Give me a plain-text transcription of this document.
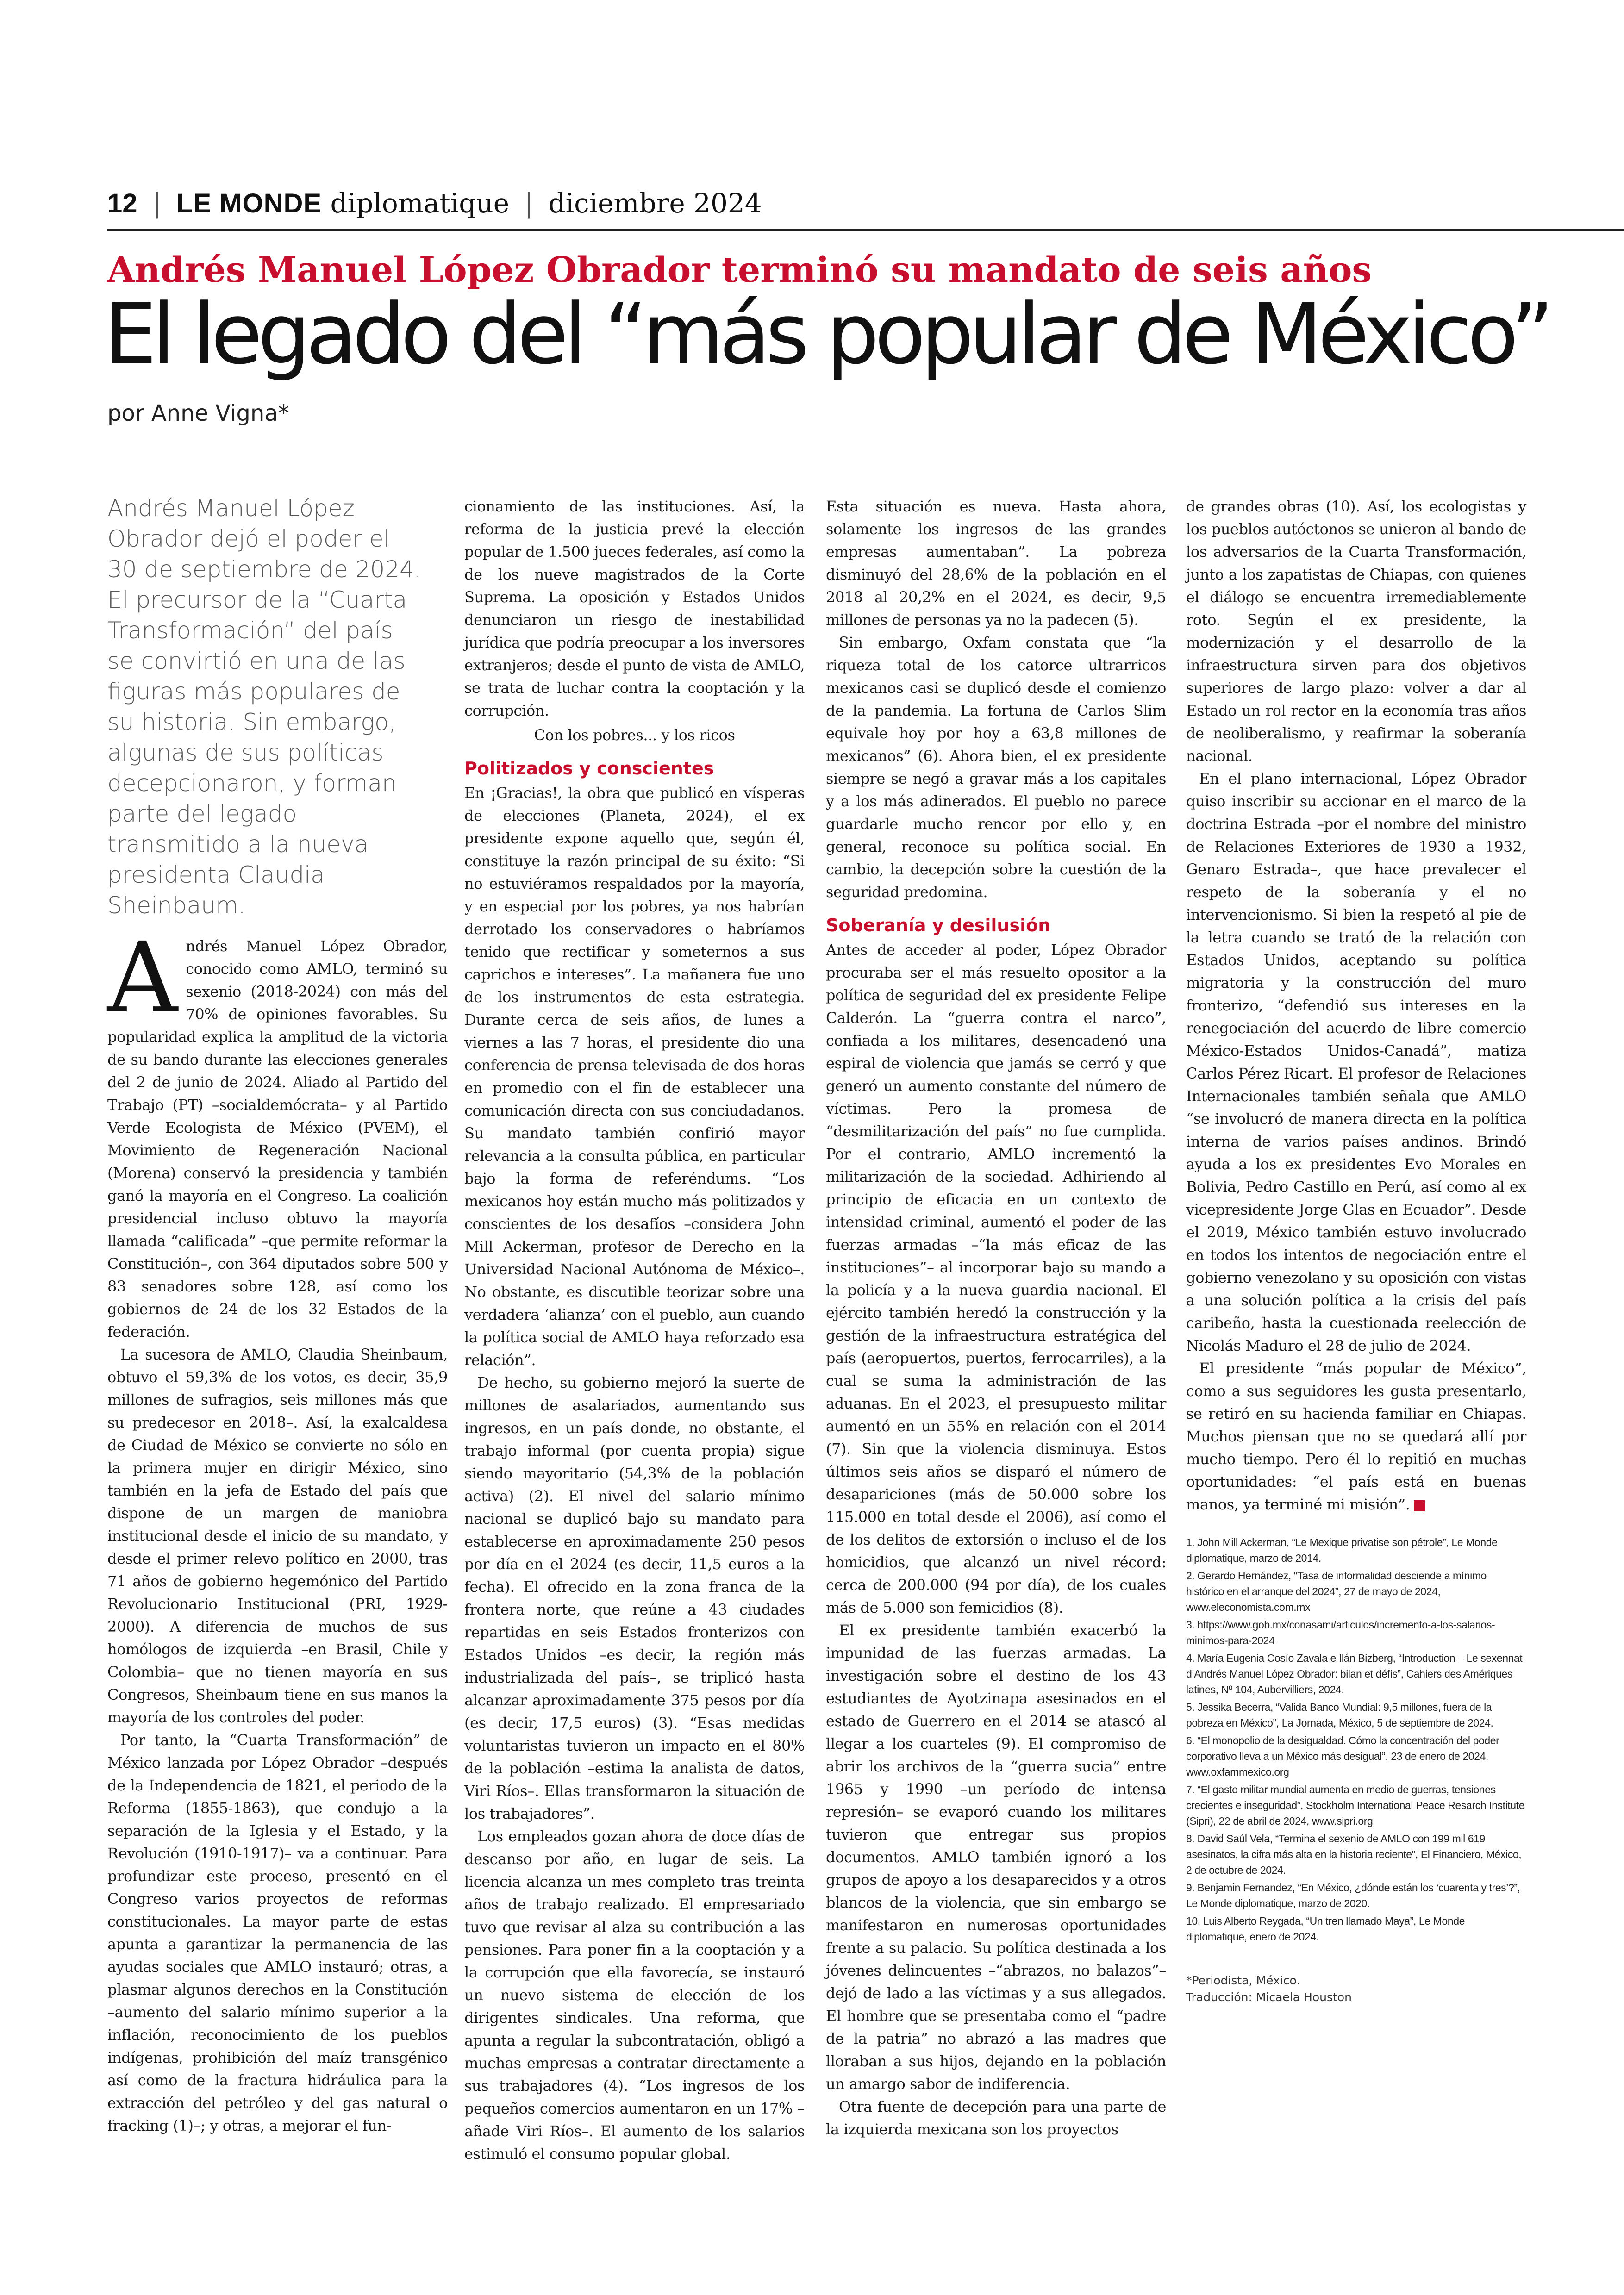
12 | LE MONDE diplomatique | diciembre 2024
Andrés Manuel López Obrador terminó su mandato de seis años
El legado del “más popular de México”
por Anne Vigna*
Andrés Manuel López Obrador dejó el poder el 30 de septiembre de 2024. El precursor de la “Cuarta Transformación” del país se convirtió en una de las figuras más populares de su historia. Sin embargo, algunas de sus políticas decepcionaron, y forman parte del legado transmitido a la nueva presidenta Claudia Sheinbaum.

Andrés Manuel López Obrador, conocido como AMLO, terminó su sexenio (2018-2024) con más del 70% de opiniones favorables. Su popularidad explica la amplitud de la victoria de su bando durante las elecciones generales del 2 de junio de 2024. Aliado al Partido del Trabajo (PT) –socialdemócrata– y al Partido Verde Ecologista de México (PVEM), el Movimiento de Regeneración Nacional (Morena) conservó la presidencia y también ganó la mayoría en el Congreso. La coalición presidencial incluso obtuvo la mayoría llamada “calificada” –que permite reformar la Constitución–, con 364 diputados sobre 500 y 83 senadores sobre 128, así como los gobiernos de 24 de los 32 Estados de la federación.

La sucesora de AMLO, Claudia Sheinbaum, obtuvo el 59,3% de los votos, es decir, 35,9 millones de sufragios, seis millones más que su predecesor en 2018–. Así, la exalcaldesa de Ciudad de México se convierte no sólo en la primera mujer en dirigir México, sino también en la jefa de Estado del país que dispone de un margen de maniobra institucional desde el inicio de su mandato, y desde el primer relevo político en 2000, tras 71 años de gobierno hegemónico del Partido Revolucionario Institucional (PRI, 1929-2000). A diferencia de muchos de sus homólogos de izquierda –en Brasil, Chile y Colombia– que no tienen mayoría en sus Congresos, Sheinbaum tiene en sus manos la mayoría de los controles del poder.

Por tanto, la “Cuarta Transformación” de México lanzada por López Obrador –después de la Independencia de 1821, el periodo de la Reforma (1855-1863), que condujo a la separación de la Iglesia y el Estado, y la Revolución (1910-1917)– va a continuar. Para profundizar este proceso, presentó en el Congreso varios proyectos de reformas constitucionales. La mayor parte de estas apunta a garantizar la permanencia de las ayudas sociales que AMLO instauró; otras, a plasmar algunos derechos en la Constitución –aumento del salario mínimo superior a la inflación, reconocimiento de los pueblos indígenas, prohibición del maíz transgénico así como de la fractura hidráulica para la extracción del petróleo y del gas natural o fracking (1)–; y otras, a mejorar el fun-

cionamiento de las instituciones. Así, la reforma de la justicia prevé la elección popular de 1.500 jueces federales, así como la de los nueve magistrados de la Corte Suprema. La oposición y Estados Unidos denunciaron un riesgo de inestabilidad jurídica que podría preocupar a los inversores extranjeros; desde el punto de vista de AMLO, se trata de luchar contra la cooptación y la corrupción.

Con los pobres... y los ricos

Politizados y conscientes

En ¡Gracias!, la obra que publicó en vísperas de elecciones (Planeta, 2024), el ex presidente expone aquello que, según él, constituye la razón principal de su éxito: “Si no estuviéramos respaldados por la mayoría, y en especial por los pobres, ya nos habrían derrotado los conservadores o habríamos tenido que rectificar y someternos a sus caprichos e intereses”. La mañanera fue uno de los instrumentos de esta estrategia. Durante cerca de seis años, de lunes a viernes a las 7 horas, el presidente dio una conferencia de prensa televisada de dos horas en promedio con el fin de establecer una comunicación directa con sus conciudadanos. Su mandato también confirió mayor relevancia a la consulta pública, en particular bajo la forma de referéndums. “Los mexicanos hoy están mucho más politizados y conscientes de los desafíos –considera John Mill Ackerman, profesor de Derecho en la Universidad Nacional Autónoma de México–. No obstante, es discutible teorizar sobre una verdadera ‘alianza’ con el pueblo, aun cuando la política social de AMLO haya reforzado esa relación”.

De hecho, su gobierno mejoró la suerte de millones de asalariados, aumentando sus ingresos, en un país donde, no obstante, el trabajo informal (por cuenta propia) sigue siendo mayoritario (54,3% de la población activa) (2). El nivel del salario mínimo nacional se duplicó bajo su mandato para establecerse en aproximadamente 250 pesos por día en el 2024 (es decir, 11,5 euros a la fecha). El ofrecido en la zona franca de la frontera norte, que reúne a 43 ciudades repartidas en seis Estados fronterizos con Estados Unidos –es decir, la región más industrializada del país–, se triplicó hasta alcanzar aproximadamente 375 pesos por día (es decir, 17,5 euros) (3). “Esas medidas voluntaristas tuvieron un impacto en el 80% de la población –estima la analista de datos, Viri Ríos–. Ellas transformaron la situación de los trabajadores”.

Los empleados gozan ahora de doce días de descanso por año, en lugar de seis. La licencia alcanza un mes completo tras treinta años de trabajo realizado. El empresariado tuvo que revisar al alza su contribución a las pensiones. Para poner fin a la cooptación y a la corrupción que ella favorecía, se instauró un nuevo sistema de elección de los dirigentes sindicales. Una reforma, que apunta a regular la subcontratación, obligó a muchas empresas a contratar directamente a sus trabajadores (4). “Los ingresos de los pequeños comercios aumentaron en un 17% –añade Viri Ríos–. El aumento de los salarios estimuló el consumo popular global.

Esta situación es nueva. Hasta ahora, solamente los ingresos de las grandes empresas aumentaban”. La pobreza disminuyó del 28,6% de la población en el 2018 al 20,2% en el 2024, es decir, 9,5 millones de personas ya no la padecen (5).

Sin embargo, Oxfam constata que “la riqueza total de los catorce ultrarricos mexicanos casi se duplicó desde el comienzo de la pandemia. La fortuna de Carlos Slim equivale hoy por hoy a 63,8 millones de mexicanos” (6). Ahora bien, el ex presidente siempre se negó a gravar más a los capitales y a los más adinerados. El pueblo no parece guardarle mucho rencor por ello y, en general, reconoce su política social. En cambio, la decepción sobre la cuestión de la seguridad predomina.

Soberanía y desilusión

Antes de acceder al poder, López Obrador procuraba ser el más resuelto opositor a la política de seguridad del ex presidente Felipe Calderón. La “guerra contra el narco”, confiada a los militares, desencadenó una espiral de violencia que jamás se cerró y que generó un aumento constante del número de víctimas. Pero la promesa de “desmilitarización del país” no fue cumplida. Por el contrario, AMLO incrementó la militarización de la sociedad. Adhiriendo al principio de eficacia en un contexto de intensidad criminal, aumentó el poder de las fuerzas armadas –“la más eficaz de las instituciones”– al incorporar bajo su mando a la policía y a la nueva guardia nacional. El ejército también heredó la construcción y la gestión de la infraestructura estratégica del país (aeropuertos, puertos, ferrocarriles), a la cual se suma la administración de las aduanas. En el 2023, el presupuesto militar aumentó en un 55% en relación con el 2014 (7). Sin que la violencia disminuya. Estos últimos seis años se disparó el número de desapariciones (más de 50.000 sobre los 115.000 en total desde el 2006), así como el de los delitos de extorsión o incluso el de los homicidios, que alcanzó un nivel récord: cerca de 200.000 (94 por día), de los cuales más de 5.000 son femicidios (8).

El ex presidente también exacerbó la impunidad de las fuerzas armadas. La investigación sobre el destino de los 43 estudiantes de Ayotzinapa asesinados en el estado de Guerrero en el 2014 se atascó al llegar a los cuarteles (9). El compromiso de abrir los archivos de la “guerra sucia” entre 1965 y 1990 –un período de intensa represión– se evaporó cuando los militares tuvieron que entregar sus propios documentos. AMLO también ignoró a los grupos de apoyo a los desaparecidos y a otros blancos de la violencia, que sin embargo se manifestaron en numerosas oportunidades frente a su palacio. Su política destinada a los jóvenes delincuentes –“abrazos, no balazos”– dejó de lado a las víctimas y a sus allegados. El hombre que se presentaba como el “padre de la patria” no abrazó a las madres que lloraban a sus hijos, dejando en la población un amargo sabor de indiferencia.

Otra fuente de decepción para una parte de la izquierda mexicana son los proyectos

de grandes obras (10). Así, los ecologistas y los pueblos autóctonos se unieron al bando de los adversarios de la Cuarta Transformación, junto a los zapatistas de Chiapas, con quienes el diálogo se encuentra irremediablemente roto. Según el ex presidente, la modernización y el desarrollo de la infraestructura sirven para dos objetivos superiores de largo plazo: volver a dar al Estado un rol rector en la economía tras años de neoliberalismo, y reafirmar la soberanía nacional.

En el plano internacional, López Obrador quiso inscribir su accionar en el marco de la doctrina Estrada –por el nombre del ministro de Relaciones Exteriores de 1930 a 1932, Genaro Estrada–, que hace prevalecer el respeto de la soberanía y el no intervencionismo. Si bien la respetó al pie de la letra cuando se trató de la relación con Estados Unidos, aceptando su política migratoria y la construcción del muro fronterizo, “defendió sus intereses en la renegociación del acuerdo de libre comercio México-Estados Unidos-Canadá”, matiza Carlos Pérez Ricart. El profesor de Relaciones Internacionales también señala que AMLO “se involucró de manera directa en la política interna de varios países andinos. Brindó ayuda a los ex presidentes Evo Morales en Bolivia, Pedro Castillo en Perú, así como al ex vicepresidente Jorge Glas en Ecuador”. Desde el 2019, México también estuvo involucrado en todos los intentos de negociación entre el gobierno venezolano y su oposición con vistas a una solución política a la crisis del país caribeño, hasta la cuestionada reelección de Nicolás Maduro el 28 de julio de 2024.

El presidente “más popular de México”, como a sus seguidores les gusta presentarlo, se retiró en su hacienda familiar en Chiapas. Muchos piensan que no se quedará allí por mucho tiempo. Pero él lo repitió en muchas oportunidades: “el país está en buenas manos, ya terminé mi misión”.

1. John Mill Ackerman, “Le Mexique privatise son pétrole”, Le Monde diplomatique, marzo de 2014.

2. Gerardo Hernández, “Tasa de informalidad desciende a mínimo histórico en el arranque del 2024”, 27 de mayo de 2024, www.eleconomista.com.mx

3. https://www.gob.mx/conasami/articulos/incremento-a-los-salarios-minimos-para-2024

4. María Eugenia Cosío Zavala e Ilán Bizberg, “Introduction – Le sexennat d’Andrés Manuel López Obrador: bilan et défis”, Cahiers des Amériques latines, Nº 104, Aubervilliers, 2024.

5. Jessika Becerra, “Valida Banco Mundial: 9,5 millones, fuera de la pobreza en México”, La Jornada, México, 5 de septiembre de 2024.

6. “El monopolio de la desigualdad. Cómo la concentración del poder corporativo lleva a un México más desigual”, 23 de enero de 2024, www.oxfammexico.org

7. “El gasto militar mundial aumenta en medio de guerras, tensiones crecientes e inseguridad”, Stockholm International Peace Resarch Institute (Sipri), 22 de abril de 2024, www.sipri.org

8. David Saúl Vela, “Termina el sexenio de AMLO con 199 mil 619 asesinatos, la cifra más alta en la historia reciente”, El Financiero, México, 2 de octubre de 2024.

9. Benjamin Fernandez, “En México, ¿dónde están los ‘cuarenta y tres’?”, Le Monde diplomatique, marzo de 2020.

10. Luis Alberto Reygada, “Un tren llamado Maya”, Le Monde diplomatique, enero de 2024.

*Periodista, México.
Traducción: Micaela Houston
